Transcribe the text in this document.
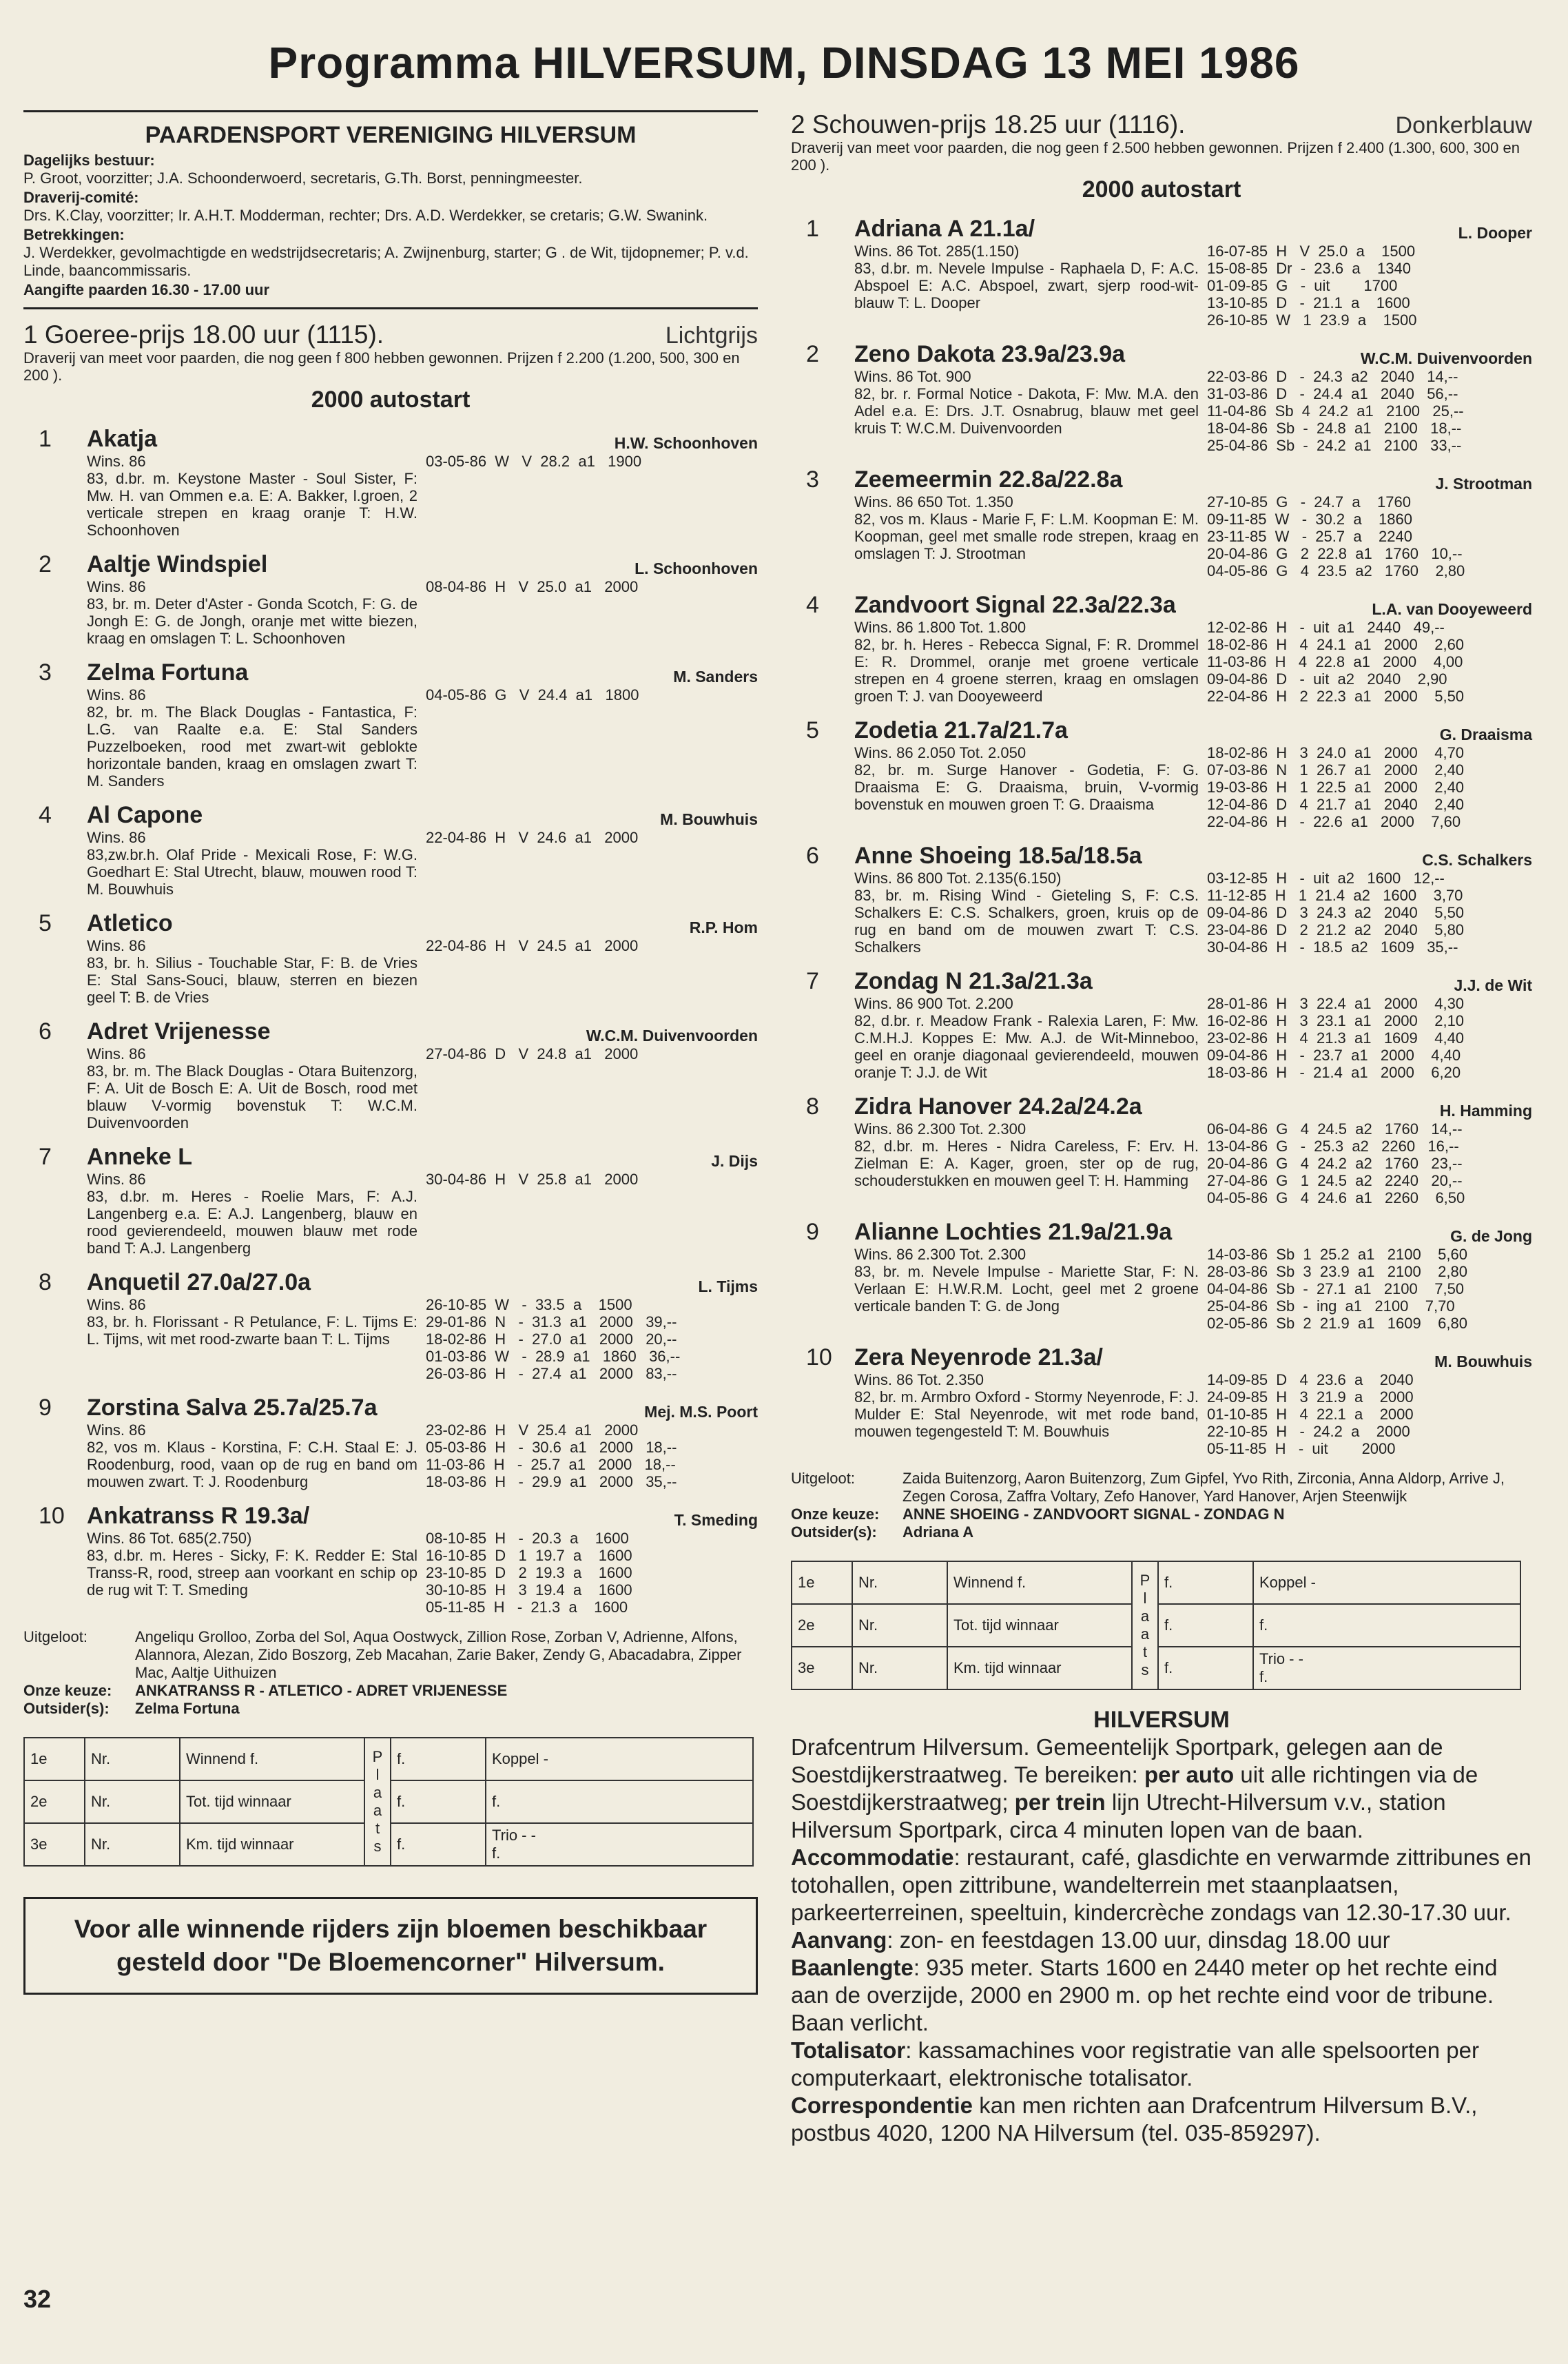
Programma HILVERSUM, DINSDAG 13 MEI 1986
PAARDENSPORT VERENIGING HILVERSUM
Dagelijks bestuur:
P. Groot, voorzitter; J.A. Schoonderwoerd, secretaris, G.Th. Borst, penningmeester.
Draverij-comité:
Drs. K.Clay, voorzitter; Ir. A.H.T. Modderman, rechter; Drs. A.D. Werdekker, se cretaris; G.W. Swanink.
Betrekkingen:
J. Werdekker, gevolmachtigde en wedstrijdsecretaris; A. Zwijnenburg, starter; G . de Wit, tijdopnemer; P. v.d. Linde, baancommissaris.
Aangifte paarden 16.30 - 17.00 uur
1 Goeree-prijs 18.00 uur (1115).	Lichtgrijs
Draverij van meet voor paarden, die nog geen f 800 hebben gewonnen. Prijzen f 2.200 (1.200, 500, 300 en 200 ).
2000 autostart
1 Akatja	H.W. Schoonhoven
Wins. 86
83, d.br. m. Keystone Master - Soul Sister, F: Mw. H. van Ommen e.a. E: A. Bakker, l.groen, 2 verticale strepen en kraag oranje T: H.W. Schoonhoven
03-05-86  W   V  28.2  a1   1900
2 Aaltje Windspiel	L. Schoonhoven
Wins. 86
83, br. m. Deter d'Aster - Gonda Scotch, F: G. de Jongh E: G. de Jongh, oranje met witte biezen, kraag en omslagen T: L. Schoonhoven
08-04-86  H   V  25.0  a1   2000
3 Zelma Fortuna	M. Sanders
Wins. 86
82, br. m. The Black Douglas - Fantastica, F: L.G. van Raalte e.a. E: Stal Sanders Puzzelboeken, rood met zwart-wit geblokte horizontale banden, kraag en omslagen zwart T: M. Sanders
04-05-86  G   V  24.4  a1   1800
4 Al Capone	M. Bouwhuis
Wins. 86
83,zw.br.h. Olaf Pride - Mexicali Rose, F: W.G. Goedhart E: Stal Utrecht, blauw, mouwen rood T: M. Bouwhuis
22-04-86  H   V  24.6  a1   2000
5 Atletico	R.P. Hom
Wins. 86
83, br. h. Silius - Touchable Star, F: B. de Vries E: Stal Sans-Souci, blauw, sterren en biezen geel T: B. de Vries
22-04-86  H   V  24.5  a1   2000
6 Adret Vrijenesse	W.C.M. Duivenvoorden
Wins. 86
83, br. m. The Black Douglas - Otara Buitenzorg, F: A. Uit de Bosch E: A. Uit de Bosch, rood met blauw V-vormig bovenstuk T: W.C.M. Duivenvoorden
27-04-86  D   V  24.8  a1   2000
7 Anneke L	J. Dijs
Wins. 86
83, d.br. m. Heres - Roelie Mars, F: A.J. Langenberg e.a. E: A.J. Langenberg, blauw en rood gevierendeeld, mouwen blauw met rode band T: A.J. Langenberg
30-04-86  H   V  25.8  a1   2000
8 Anquetil 27.0a/27.0a	L. Tijms
Wins. 86
83, br. h. Florissant - R Petulance, F: L. Tijms E: L. Tijms, wit met rood-zwarte baan T: L. Tijms
26-10-85  W   -  33.5  a    1500
29-01-86  N   -  31.3  a1   2000   39,--
18-02-86  H   -  27.0  a1   2000   20,--
01-03-86  W   -  28.9  a1   1860   36,--
26-03-86  H   -  27.4  a1   2000   83,--
9 Zorstina Salva 25.7a/25.7a	Mej. M.S. Poort
Wins. 86
82, vos m. Klaus - Korstina, F: C.H. Staal E: J. Roodenburg, rood, vaan op de rug en band om mouwen zwart. T: J. Roodenburg
23-02-86  H   V  25.4  a1   2000
05-03-86  H   -  30.6  a1   2000   18,--
11-03-86  H   -  25.7  a1   2000   18,--
18-03-86  H   -  29.9  a1   2000   35,--
10 Ankatranss R 19.3a/	T. Smeding
Wins. 86 Tot. 685(2.750)
83, d.br. m. Heres - Sicky, F: K. Redder E: Stal Transs-R, rood, streep aan voorkant en schip op de rug wit T: T. Smeding
08-10-85  H   -  20.3  a    1600
16-10-85  D   1  19.7  a    1600
23-10-85  D   2  19.3  a    1600
30-10-85  H   3  19.4  a    1600
05-11-85  H   -  21.3  a    1600
Uitgeloot:	Angeliqu Grolloo, Zorba del Sol, Aqua Oostwyck, Zillion Rose, Zorban V, Adrienne, Alfons, Alannora, Alezan, Zido Boszorg, Zeb Macahan, Zarie Baker, Zendy G, Abacadabra, Zipper Mac, Aaltje Uithuizen
Onze keuze:	ANKATRANSS R - ATLETICO - ADRET VRIJENESSE
Outsider(s):	Zelma Fortuna
1e	Nr.	Winnend f.	P l a a t s	f.	Koppel -
2e	Nr.	Tot. tijd winnaar		f.	f.
3e	Nr.	Km. tijd winnaar		f.	Trio - -
f.
Voor alle winnende rijders zijn bloemen beschikbaar gesteld door "De Bloemencorner" Hilversum.
2 Schouwen-prijs 18.25 uur (1116).	Donkerblauw
Draverij van meet voor paarden, die nog geen f 2.500 hebben gewonnen. Prijzen f 2.400 (1.300, 600, 300 en 200 ).
2000 autostart
1 Adriana A 21.1a/	L. Dooper
Wins. 86 Tot. 285(1.150)
83, d.br. m. Nevele Impulse - Raphaela D, F: A.C. Abspoel E: A.C. Abspoel, zwart, sjerp rood-wit-blauw T: L. Dooper
16-07-85  H   V  25.0  a    1500
15-08-85  Dr  -  23.6  a    1340
01-09-85  G   -  uit        1700
13-10-85  D   -  21.1  a    1600
26-10-85  W   1  23.9  a    1500
2 Zeno Dakota 23.9a/23.9a	W.C.M. Duivenvoorden
Wins. 86 Tot. 900
82, br. r. Formal Notice - Dakota, F: Mw. M.A. den Adel e.a. E: Drs. J.T. Osnabrug, blauw met geel kruis T: W.C.M. Duivenvoorden
22-03-86  D   -  24.3  a2   2040   14,--
31-03-86  D   -  24.4  a1   2040   56,--
11-04-86  Sb  4  24.2  a1   2100   25,--
18-04-86  Sb  -  24.8  a1   2100   18,--
25-04-86  Sb  -  24.2  a1   2100   33,--
3 Zeemeermin 22.8a/22.8a	J. Strootman
Wins. 86 650 Tot. 1.350
82, vos m. Klaus - Marie F, F: L.M. Koopman E: M. Koopman, geel met smalle rode strepen, kraag en omslagen T: J. Strootman
27-10-85  G   -  24.7  a    1760
09-11-85  W   -  30.2  a    1860
23-11-85  W   -  25.7  a    2240
20-04-86  G   2  22.8  a1   1760   10,--
04-05-86  G   4  23.5  a2   1760    2,80
4 Zandvoort Signal 22.3a/22.3a	L.A. van Dooyeweerd
Wins. 86 1.800 Tot. 1.800
82, br. h. Heres - Rebecca Signal, F: R. Drommel E: R. Drommel, oranje met groene verticale strepen en 4 groene sterren, kraag en omslagen groen T: J. van Dooyeweerd
12-02-86  H   -  uit  a1   2440   49,--
18-02-86  H   4  24.1  a1   2000    2,60
11-03-86  H   4  22.8  a1   2000    4,00
09-04-86  D   -  uit  a2   2040    2,90
22-04-86  H   2  22.3  a1   2000    5,50
5 Zodetia 21.7a/21.7a	G. Draaisma
Wins. 86 2.050 Tot. 2.050
82, br. m. Surge Hanover - Godetia, F: G. Draaisma E: G. Draaisma, bruin, V-vormig bovenstuk en mouwen groen T: G. Draaisma
18-02-86  H   3  24.0  a1   2000    4,70
07-03-86  N   1  26.7  a1   2000    2,40
19-03-86  H   1  22.5  a1   2000    2,40
12-04-86  D   4  21.7  a1   2040    2,40
22-04-86  H   -  22.6  a1   2000    7,60
6 Anne Shoeing 18.5a/18.5a	C.S. Schalkers
Wins. 86 800 Tot. 2.135(6.150)
83, br. m. Rising Wind - Gieteling S, F: C.S. Schalkers E: C.S. Schalkers, groen, kruis op de rug en band om de mouwen zwart T: C.S. Schalkers
03-12-85  H   -  uit  a2   1600   12,--
11-12-85  H   1  21.4  a2   1600    3,70
09-04-86  D   3  24.3  a2   2040    5,50
23-04-86  D   2  21.2  a2   2040    5,80
30-04-86  H   -  18.5  a2   1609   35,--
7 Zondag N 21.3a/21.3a	J.J. de Wit
Wins. 86 900 Tot. 2.200
82, d.br. r. Meadow Frank - Ralexia Laren, F: Mw. C.M.H.J. Koppes E: Mw. A.J. de Wit-Minneboo, geel en oranje diagonaal gevierendeeld, mouwen oranje T: J.J. de Wit
28-01-86  H   3  22.4  a1   2000    4,30
16-02-86  H   3  23.1  a1   2000    2,10
23-02-86  H   4  21.3  a1   1609    4,40
09-04-86  H   -  23.7  a1   2000    4,40
18-03-86  H   -  21.4  a1   2000    6,20
8 Zidra Hanover 24.2a/24.2a	H. Hamming
Wins. 86 2.300 Tot. 2.300
82, d.br. m. Heres - Nidra Careless, F: Erv. H. Zielman E: A. Kager, groen, ster op de rug, schouderstukken en mouwen geel T: H. Hamming
06-04-86  G   4  24.5  a2   1760   14,--
13-04-86  G   -  25.3  a2   2260   16,--
20-04-86  G   4  24.2  a2   1760   23,--
27-04-86  G   1  24.5  a2   2240   20,--
04-05-86  G   4  24.6  a1   2260    6,50
9 Alianne Lochties 21.9a/21.9a	G. de Jong
Wins. 86 2.300 Tot. 2.300
83, br. m. Nevele Impulse - Mariette Star, F: N. Verlaan E: H.W.R.M. Locht, geel met 2 groene verticale banden T: G. de Jong
14-03-86  Sb  1  25.2  a1   2100    5,60
28-03-86  Sb  3  23.9  a1   2100    2,80
04-04-86  Sb  -  27.1  a1   2100    7,50
25-04-86  Sb  -  ing  a1   2100    7,70
02-05-86  Sb  2  21.9  a1   1609    6,80
10 Zera Neyenrode 21.3a/	M. Bouwhuis
Wins. 86 Tot. 2.350
82, br. m. Armbro Oxford - Stormy Neyenrode, F: J. Mulder E: Stal Neyenrode, wit met rode band, mouwen tegengesteld T: M. Bouwhuis
14-09-85  D   4  23.6  a    2040
24-09-85  H   3  21.9  a    2000
01-10-85  H   4  22.1  a    2000
22-10-85  H   -  24.2  a    2000
05-11-85  H   -  uit        2000
Uitgeloot:	Zaida Buitenzorg, Aaron Buitenzorg, Zum Gipfel, Yvo Rith, Zirconia, Anna Aldorp, Arrive J, Zegen Corosa, Zaffra Voltary, Zefo Hanover, Yard Hanover, Arjen Steenwijk
Onze keuze:	ANNE SHOEING - ZANDVOORT SIGNAL - ZONDAG N
Outsider(s):	Adriana A
1e	Nr.	Winnend f.	P l a a t s	f.	Koppel -
2e	Nr.	Tot. tijd winnaar		f.	f.
3e	Nr.	Km. tijd winnaar		f.	Trio - -
f.
HILVERSUM
Drafcentrum Hilversum. Gemeentelijk Sportpark, gelegen aan de Soestdijkerstraatweg. Te bereiken: per auto uit alle richtingen via de Soestdijkerstraatweg; per trein lijn Utrecht-Hilversum v.v., station Hilversum Sportpark, circa 4 minuten lopen van de baan.
Accommodatie: restaurant, café, glasdichte en verwarmde zittribunes en totohallen, open zittribune, wandelterrein met staanplaatsen, parkeerterreinen, speeltuin, kindercrèche zondags van 12.30-17.30 uur. Aanvang: zon- en feestdagen 13.00 uur, dinsdag 18.00 uur
Baanlengte: 935 meter. Starts 1600 en 2440 meter op het rechte eind aan de overzijde, 2000 en 2900 m. op het rechte eind voor de tribune. Baan verlicht.
Totalisator: kassamachines voor registratie van alle spelsoorten per computerkaart, elektronische totalisator.
Correspondentie kan men richten aan Drafcentrum Hilversum B.V., postbus 4020, 1200 NA Hilversum (tel. 035-859297).
32
